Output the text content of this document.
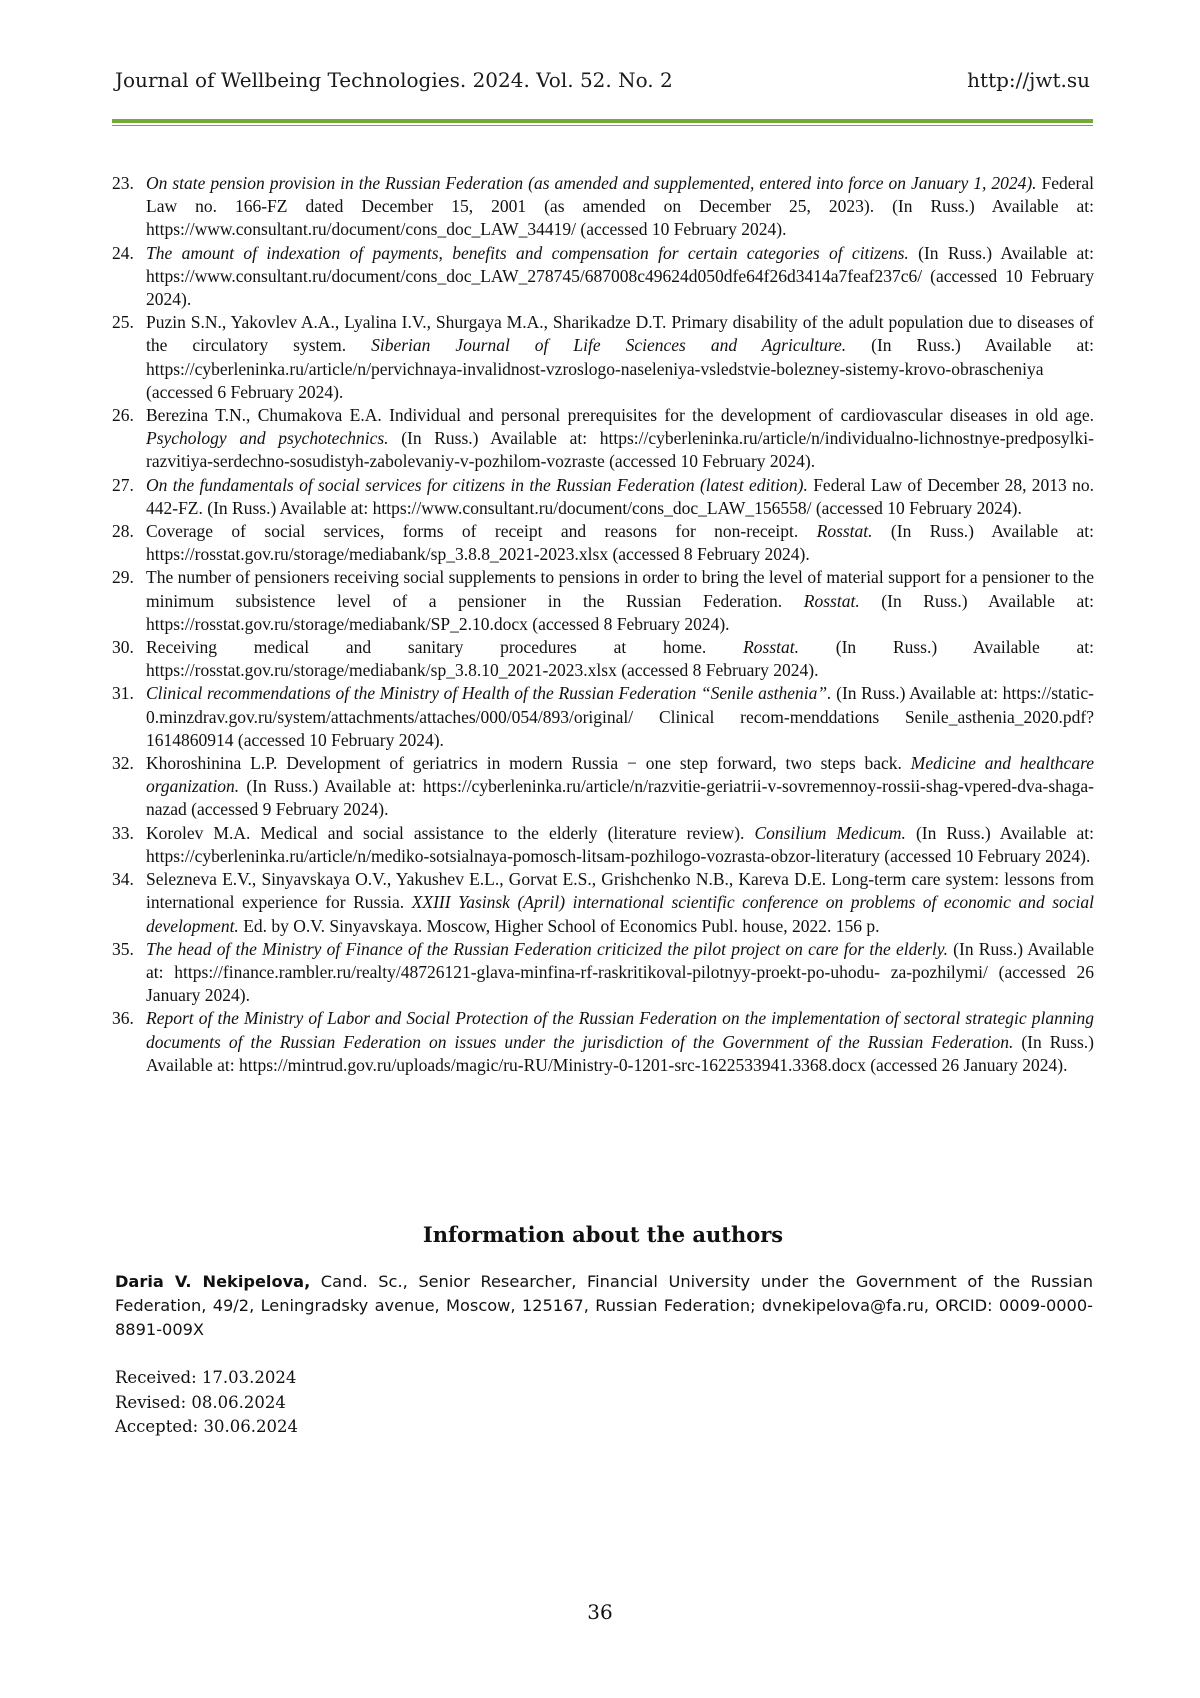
Journal of Wellbeing Technologies. 2024. Vol. 52. No. 2	http://jwt.su
23. On state pension provision in the Russian Federation (as amended and supplemented, entered into force on January 1, 2024). Federal Law no. 166-FZ dated December 15, 2001 (as amended on December 25, 2023). (In Russ.) Available at: https://www.consultant.ru/document/cons_doc_LAW_34419/ (accessed 10 February 2024).
24. The amount of indexation of payments, benefits and compensation for certain categories of citizens. (In Russ.) Available at: https://www.consultant.ru/document/cons_doc_LAW_278745/687008c49624d050dfe64f26d3414a7feaf237c6/ (accessed 10 February 2024).
25. Puzin S.N., Yakovlev A.A., Lyalina I.V., Shurgaya M.A., Sharikadze D.T. Primary disability of the adult population due to diseases of the circulatory system. Siberian Journal of Life Sciences and Agriculture. (In Russ.) Available at: https://cyberleninka.ru/article/n/pervichnaya-invalidnost-vzroslogo-naseleniya-vsledstvie-bolezney-sistemy-krovo-obrascheniya (accessed 6 February 2024).
26. Berezina T.N., Chumakova E.A. Individual and personal prerequisites for the development of cardiovascular diseases in old age. Psychology and psychotechnics. (In Russ.) Available at: https://cyberleninka.ru/article/n/individualno-lichnostnye-predposylki-razvitiya-serdechno-sosudistyh-zabolevaniy-v-pozhilom-vozraste (accessed 10 February 2024).
27. On the fundamentals of social services for citizens in the Russian Federation (latest edition). Federal Law of December 28, 2013 no. 442-FZ. (In Russ.) Available at: https://www.consultant.ru/document/cons_doc_LAW_156558/ (accessed 10 February 2024).
28. Coverage of social services, forms of receipt and reasons for non-receipt. Rosstat. (In Russ.) Available at: https://rosstat.gov.ru/storage/mediabank/sp_3.8.8_2021-2023.xlsx (accessed 8 February 2024).
29. The number of pensioners receiving social supplements to pensions in order to bring the level of material support for a pensioner to the minimum subsistence level of a pensioner in the Russian Federation. Rosstat. (In Russ.) Available at: https://rosstat.gov.ru/storage/mediabank/SP_2.10.docx (accessed 8 February 2024).
30. Receiving medical and sanitary procedures at home. Rosstat. (In Russ.) Available at: https://rosstat.gov.ru/storage/mediabank/sp_3.8.10_2021-2023.xlsx (accessed 8 February 2024).
31. Clinical recommendations of the Ministry of Health of the Russian Federation “Senile asthenia”. (In Russ.) Available at: https://static-0.minzdrav.gov.ru/system/attachments/attaches/000/054/893/original/ Clinical recom-menddations Senile_asthenia_2020.pdf?1614860914 (accessed 10 February 2024).
32. Khoroshinina L.P. Development of geriatrics in modern Russia − one step forward, two steps back. Medicine and healthcare organization. (In Russ.) Available at: https://cyberleninka.ru/article/n/razvitie-geriatrii-v-sovremennoy-rossii-shag-vpered-dva-shaga-nazad (accessed 9 February 2024).
33. Korolev M.A. Medical and social assistance to the elderly (literature review). Consilium Medicum. (In Russ.) Available at: https://cyberleninka.ru/article/n/mediko-sotsialnaya-pomosch-litsam-pozhilogo-vozrasta-obzor-literatury (accessed 10 February 2024).
34. Selezneva E.V., Sinyavskaya O.V., Yakushev E.L., Gorvat E.S., Grishchenko N.B., Kareva D.E. Long-term care system: lessons from international experience for Russia. XXIII Yasinsk (April) international scientific conference on problems of economic and social development. Ed. by O.V. Sinyavskaya. Moscow, Higher School of Economics Publ. house, 2022. 156 p.
35. The head of the Ministry of Finance of the Russian Federation criticized the pilot project on care for the elderly. (In Russ.) Available at: https://finance.rambler.ru/realty/48726121-glava-minfina-rf-raskritikoval-pilotnyy-proekt-po-uhodu- za-pozhilymi/ (accessed 26 January 2024).
36. Report of the Ministry of Labor and Social Protection of the Russian Federation on the implementation of sectoral strategic planning documents of the Russian Federation on issues under the jurisdiction of the Government of the Russian Federation. (In Russ.) Available at: https://mintrud.gov.ru/uploads/magic/ru-RU/Ministry-0-1201-src-1622533941.3368.docx (accessed 26 January 2024).
Information about the authors

Daria V. Nekipelova, Cand. Sc., Senior Researcher, Financial University under the Government of the Russian Federation, 49/2, Leningradsky avenue, Moscow, 125167, Russian Federation; dvnekipelova@fa.ru, ORCID: 0009-0000-8891-009X

Received: 17.03.2024
Revised: 08.06.2024
Accepted: 30.06.2024
36
